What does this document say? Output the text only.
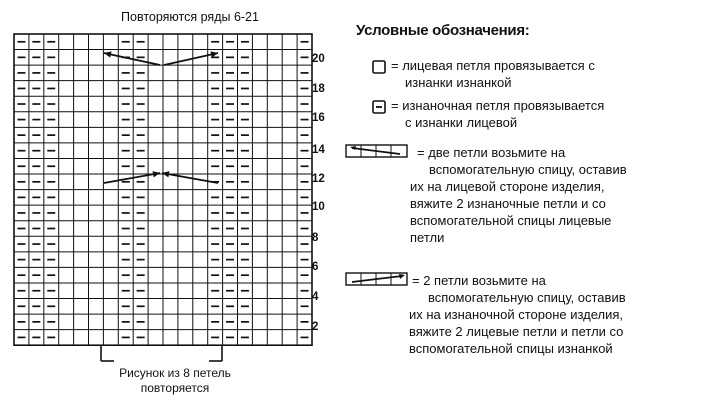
Повторяются ряды 6-21
20
18
16
14
12
10
8
6
4
2
Рисунок из 8 петель
повторяется
Условные обозначения:
= лицевая петля провязывается с
изнанки изнанкой
= изнаночная петля провязывается
с изнанки лицевой
= две петли возьмите на
вспомогательную спицу, оставив
их на лицевой стороне изделия,
вяжите 2 изнаночные петли и со
вспомогательной спицы лицевые
петли
= 2 петли возьмите на
вспомогательную спицу, оставив
их на изнаночной стороне изделия,
вяжите 2 лицевые петли и петли со
вспомогательной спицы изнанкой
